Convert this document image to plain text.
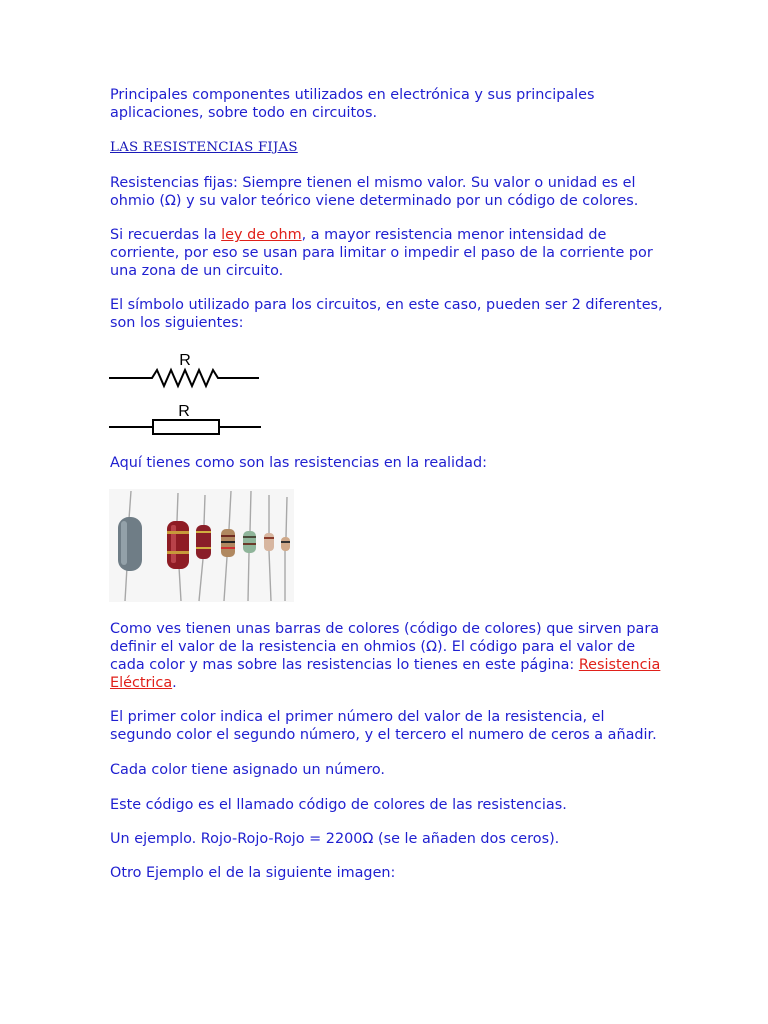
Principales componentes utilizados en electrónica y sus principales

aplicaciones, sobre todo en circuitos.

LAS RESISTENCIAS FIJAS

Resistencias fijas: Siempre tienen el mismo valor. Su valor o unidad es el

ohmio (Ω) y su valor teórico viene determinado por un código de colores.

Si recuerdas la ley de ohm, a mayor resistencia menor intensidad de

corriente, por eso se usan para limitar o impedir el paso de la corriente por

una zona de un circuito.

El símbolo utilizado para los circuitos, en este caso, pueden ser 2 diferentes,

son los siguientes:

R
R

Aquí tienes como son las resistencias en la realidad:

Como ves tienen unas barras de colores (código de colores) que sirven para

definir el valor de la resistencia en ohmios (Ω). El código para el valor de

cada color y mas sobre las resistencias lo tienes en este página: Resistencia

Eléctrica.

El primer color indica el primer número del valor de la resistencia, el

segundo color el segundo número, y el tercero el numero de ceros a añadir.

Cada color tiene asignado un número.

Este código es el llamado código de colores de las resistencias.

Un ejemplo. Rojo-Rojo-Rojo = 2200Ω (se le añaden dos ceros).

Otro Ejemplo el de la siguiente imagen:
